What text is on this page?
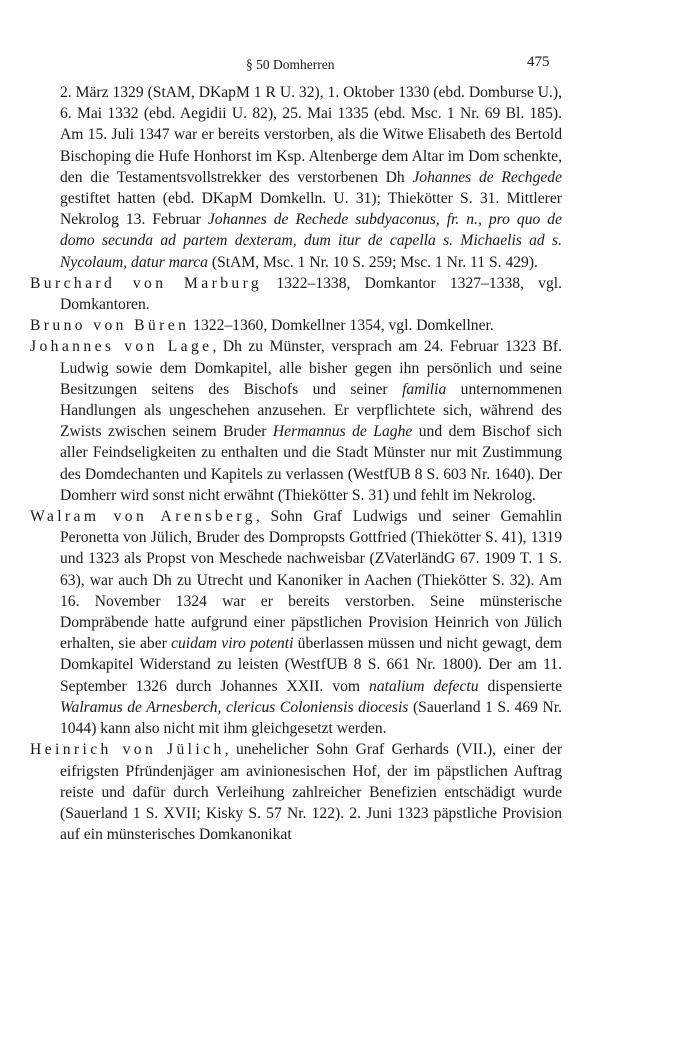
§ 50 Domherren	475

2. März 1329 (StAM, DKapM 1 R U. 32), 1. Oktober 1330 (ebd. Domburse U.), 6. Mai 1332 (ebd. Aegidii U. 82), 25. Mai 1335 (ebd. Msc. 1 Nr. 69 Bl. 185). Am 15. Juli 1347 war er bereits verstorben, als die Witwe Elisabeth des Bertold Bischoping die Hufe Honhorst im Ksp. Altenberge dem Altar im Dom schenkte, den die Testamentsvollstrekker des verstorbenen Dh Johannes de Rechgede gestiftet hatten (ebd. DKapM Domkelln. U. 31); Thiekötter S. 31. Mittlerer Nekrolog 13. Februar Johannes de Rechede subdyaconus, fr. n., pro quo de domo secunda ad partem dexteram, dum itur de capella s. Michaelis ad s. Nycolaum, datur marca (StAM, Msc. 1 Nr. 10 S. 259; Msc. 1 Nr. 11 S. 429).

Burchard von Marburg 1322–1338, Domkantor 1327–1338, vgl. Domkantoren.

Bruno von Büren 1322–1360, Domkellner 1354, vgl. Domkellner.

Johannes von Lage, Dh zu Münster, versprach am 24. Februar 1323 Bf. Ludwig sowie dem Domkapitel, alle bisher gegen ihn persönlich und seine Besitzungen seitens des Bischofs und seiner familia unternommenen Handlungen als ungeschehen anzusehen. Er verpflichtete sich, während des Zwists zwischen seinem Bruder Hermannus de Laghe und dem Bischof sich aller Feindseligkeiten zu enthalten und die Stadt Münster nur mit Zustimmung des Domdechanten und Kapitels zu verlassen (WestfUB 8 S. 603 Nr. 1640). Der Domherr wird sonst nicht erwähnt (Thiekötter S. 31) und fehlt im Nekrolog.

Walram von Arensberg, Sohn Graf Ludwigs und seiner Gemahlin Peronetta von Jülich, Bruder des Dompropsts Gottfried (Thiekötter S. 41), 1319 und 1323 als Propst von Meschede nachweisbar (ZVaterländG 67. 1909 T. 1 S. 63), war auch Dh zu Utrecht und Kanoniker in Aachen (Thiekötter S. 32). Am 16. November 1324 war er bereits verstorben. Seine münsterische Dompräbende hatte aufgrund einer päpstlichen Provision Heinrich von Jülich erhalten, sie aber cuidam viro potenti überlassen müssen und nicht gewagt, dem Domkapitel Widerstand zu leisten (WestfUB 8 S. 661 Nr. 1800). Der am 11. September 1326 durch Johannes XXII. vom natalium defectu dispensierte Walramus de Arnesberch, clericus Coloniensis diocesis (Sauerland 1 S. 469 Nr. 1044) kann also nicht mit ihm gleichgesetzt werden.

Heinrich von Jülich, unehelicher Sohn Graf Gerhards (VII.), einer der eifrigsten Pfründenjäger am avinionesischen Hof, der im päpstlichen Auftrag reiste und dafür durch Verleihung zahlreicher Benefizien entschädigt wurde (Sauerland 1 S. XVII; Kisky S. 57 Nr. 122). 2. Juni 1323 päpstliche Provision auf ein münsterisches Domkanonikat
